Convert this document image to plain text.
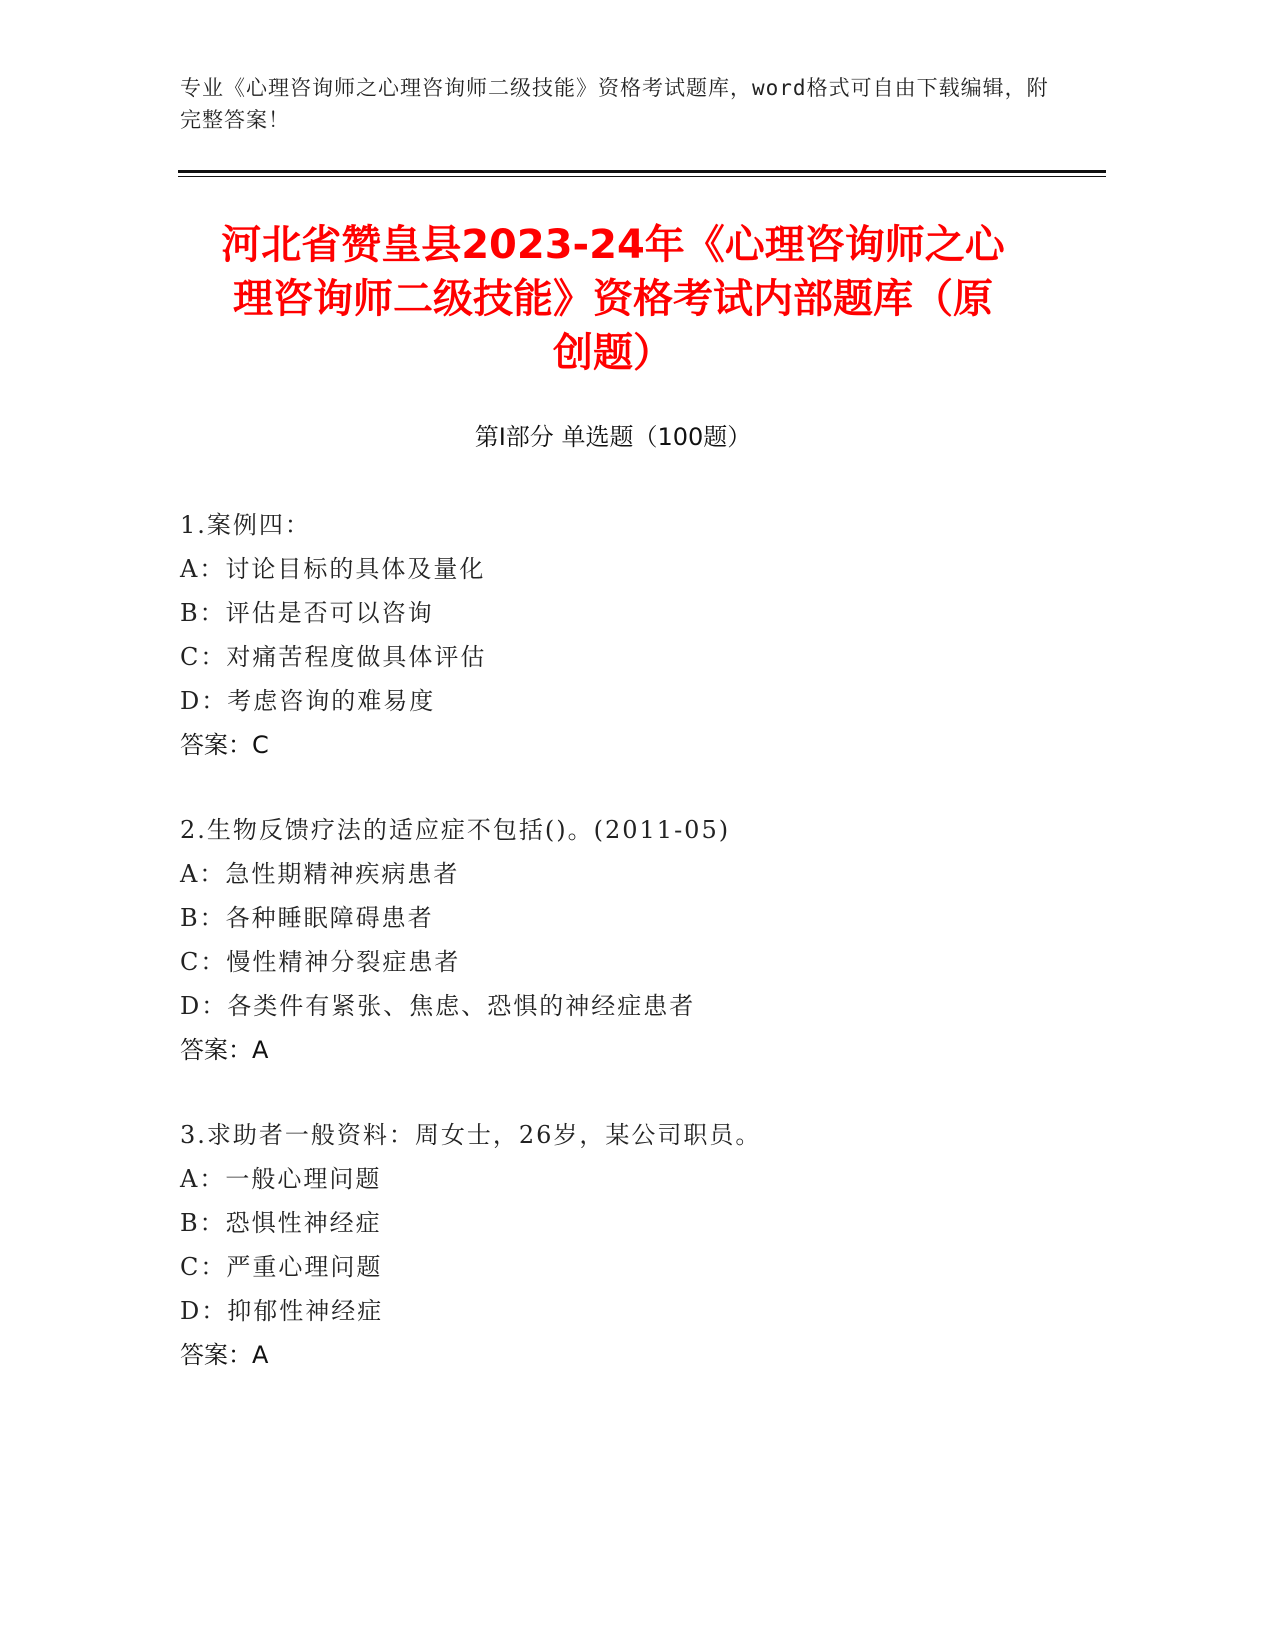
专业《心理咨询师之心理咨询师二级技能》资格考试题库，word格式可自由下载编辑，附完整答案！
河北省赞皇县2023-24年《心理咨询师之心
理咨询师二级技能》资格考试内部题库（原
创题）
第Ⅰ部分 单选题（100题）
1.案例四：
A：讨论目标的具体及量化
B：评估是否可以咨询
C：对痛苦程度做具体评估
D：考虑咨询的难易度
答案：C
2.生物反馈疗法的适应症不包括()。(2011-05)
A：急性期精神疾病患者
B：各种睡眠障碍患者
C：慢性精神分裂症患者
D：各类件有紧张、焦虑、恐惧的神经症患者
答案：A
3.求助者一般资料：周女士，26岁，某公司职员。
A：一般心理问题
B：恐惧性神经症
C：严重心理问题
D：抑郁性神经症
答案：A
